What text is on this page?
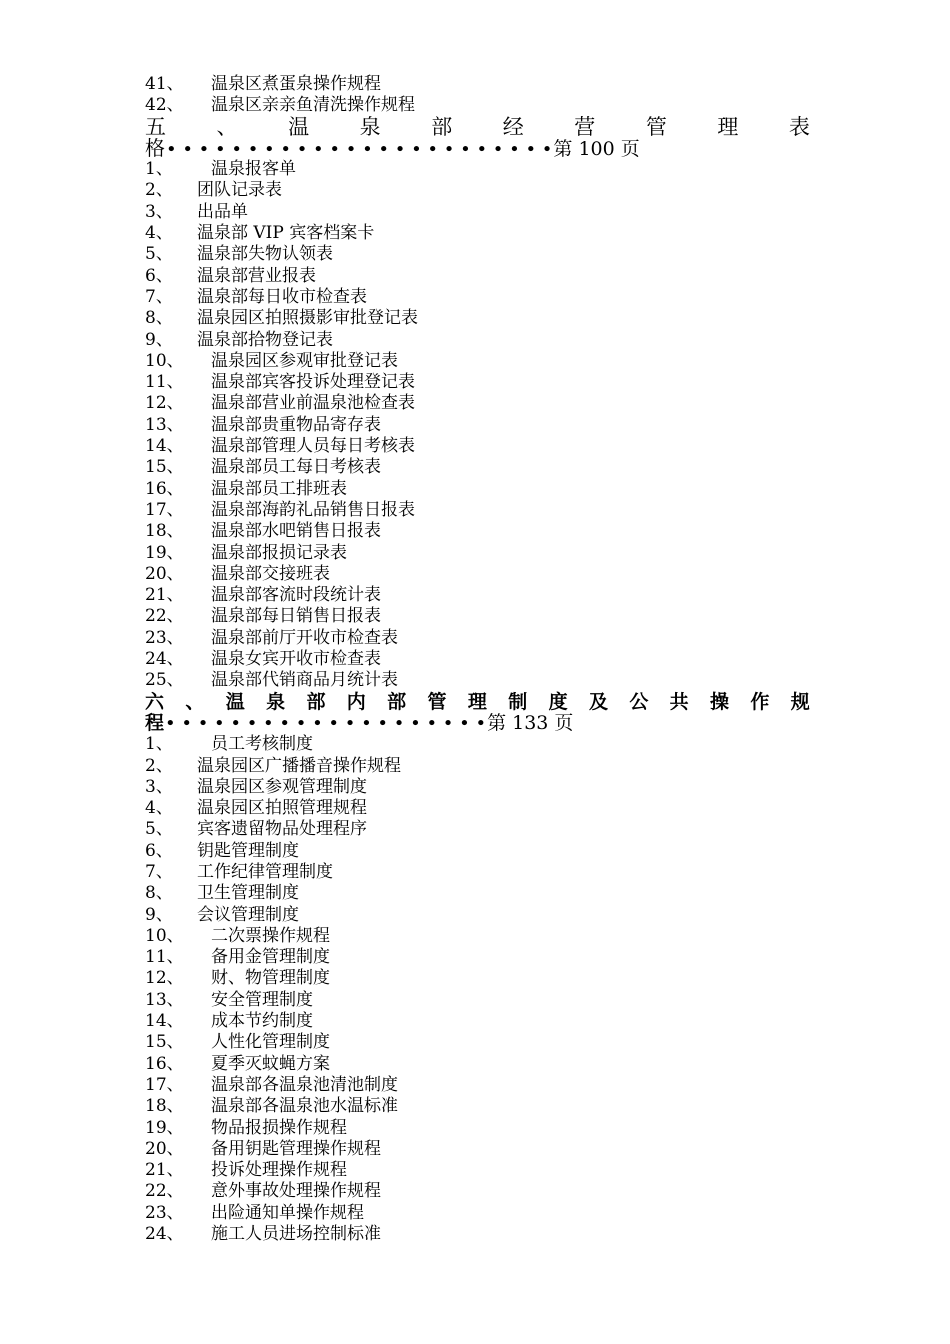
41、	温泉区煮蛋泉操作规程
42、	温泉区亲亲鱼清洗操作规程
五 、 温 泉 部 经 营 管 理 表
格 • • • • • • • • • • • • • • • • • • • • • • • • 第 100 页
1、	温泉报客单
2、	团队记录表
3、	出品单
4、	温泉部 VIP 宾客档案卡
5、	温泉部失物认领表
6、	温泉部营业报表
7、	温泉部每日收市检查表
8、	温泉园区拍照摄影审批登记表
9、	温泉部拾物登记表
10、	温泉园区参观审批登记表
11、	温泉部宾客投诉处理登记表
12、	温泉部营业前温泉池检查表
13、	温泉部贵重物品寄存表
14、	温泉部管理人员每日考核表
15、	温泉部员工每日考核表
16、	温泉部员工排班表
17、	温泉部海韵礼品销售日报表
18、	温泉部水吧销售日报表
19、	温泉部报损记录表
20、	温泉部交接班表
21、	温泉部客流时段统计表
22、	温泉部每日销售日报表
23、	温泉部前厅开收市检查表
24、	温泉女宾开收市检查表
25、	温泉部代销商品月统计表
六 、 温 泉 部 内 部 管 理 制 度 及 公 共 操 作 规
程 • • • • • • • • • • • • • • • • • • • • 第 133 页
1、	员工考核制度
2、	温泉园区广播播音操作规程
3、	温泉园区参观管理制度
4、	温泉园区拍照管理规程
5、	宾客遗留物品处理程序
6、	钥匙管理制度
7、	工作纪律管理制度
8、	卫生管理制度
9、	会议管理制度
10、	二次票操作规程
11、	备用金管理制度
12、	财、物管理制度
13、	安全管理制度
14、	成本节约制度
15、	人性化管理制度
16、	夏季灭蚊蝇方案
17、	温泉部各温泉池清池制度
18、	温泉部各温泉池水温标准
19、	物品报损操作规程
20、	备用钥匙管理操作规程
21、	投诉处理操作规程
22、	意外事故处理操作规程
23、	出险通知单操作规程
24、	施工人员进场控制标准
